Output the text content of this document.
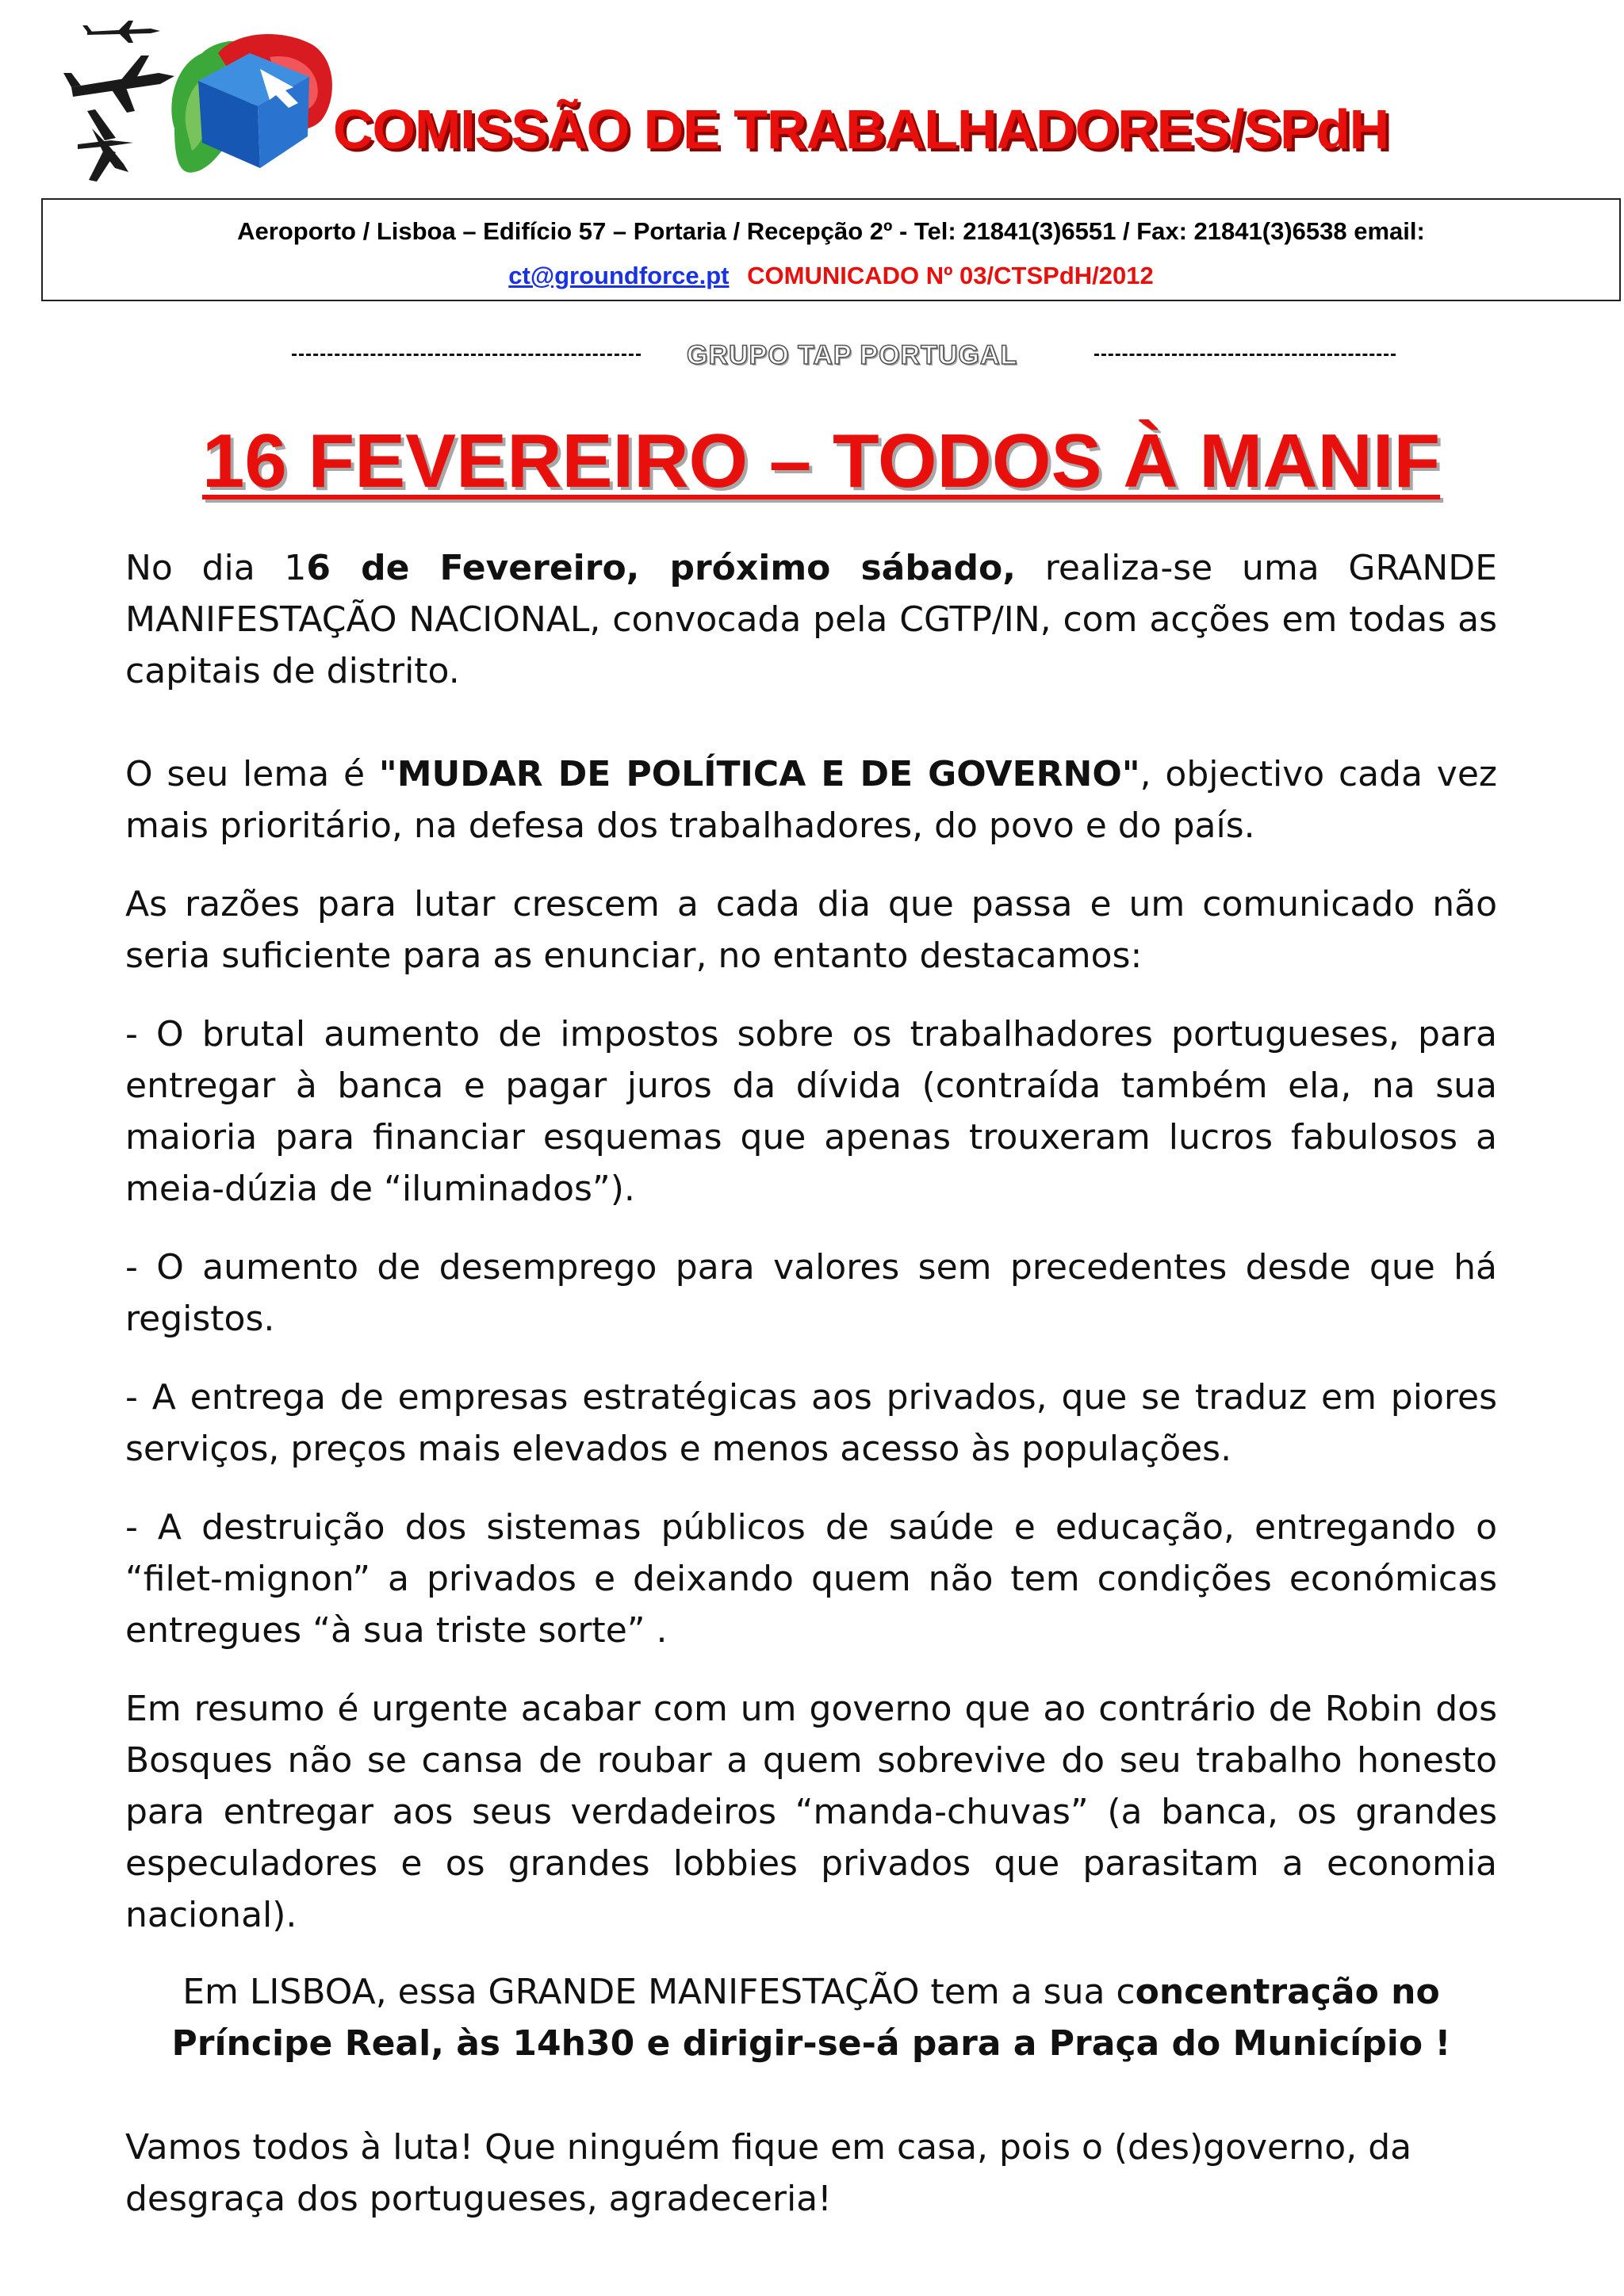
COMISSÃO DE TRABALHADORES/SPdH
Aeroporto / Lisboa – Edifício 57 – Portaria / Recepção 2º - Tel: 21841(3)6551 / Fax: 21841(3)6538 email:
ct@groundforce.pt COMUNICADO Nº 03/CTSPdH/2012
GRUPO TAP PORTUGAL
16 FEVEREIRO – TODOS À MANIF

No dia 16 de Fevereiro, próximo sábado, realiza-se uma GRANDE MANIFESTAÇÃO NACIONAL, convocada pela CGTP/IN, com acções em todas as capitais de distrito.

O seu lema é "MUDAR DE POLÍTICA E DE GOVERNO", objectivo cada vez mais prioritário, na defesa dos trabalhadores, do povo e do país.

As razões para lutar crescem a cada dia que passa e um comunicado não seria suficiente para as enunciar, no entanto destacamos:

- O brutal aumento de impostos sobre os trabalhadores portugueses, para entregar à banca e pagar juros da dívida (contraída também ela, na sua maioria para financiar esquemas que apenas trouxeram lucros fabulosos a meia-dúzia de “iluminados”).

- O aumento de desemprego para valores sem precedentes desde que há registos.

- A entrega de empresas estratégicas aos privados, que se traduz em piores serviços, preços mais elevados e menos acesso às populações.

- A destruição dos sistemas públicos de saúde e educação, entregando o “filet-mignon” a privados e deixando quem não tem condições económicas entregues “à sua triste sorte” .

Em resumo é urgente acabar com um governo que ao contrário de Robin dos Bosques não se cansa de roubar a quem sobrevive do seu trabalho honesto para entregar aos seus verdadeiros “manda-chuvas” (a banca, os grandes especuladores e os grandes lobbies privados que parasitam a economia nacional).

Em LISBOA, essa GRANDE MANIFESTAÇÃO tem a sua concentração no Príncipe Real, às 14h30 e dirigir-se-á para a Praça do Município !

Vamos todos à luta! Que ninguém fique em casa, pois o (des)governo, da desgraça dos portugueses, agradeceria!
